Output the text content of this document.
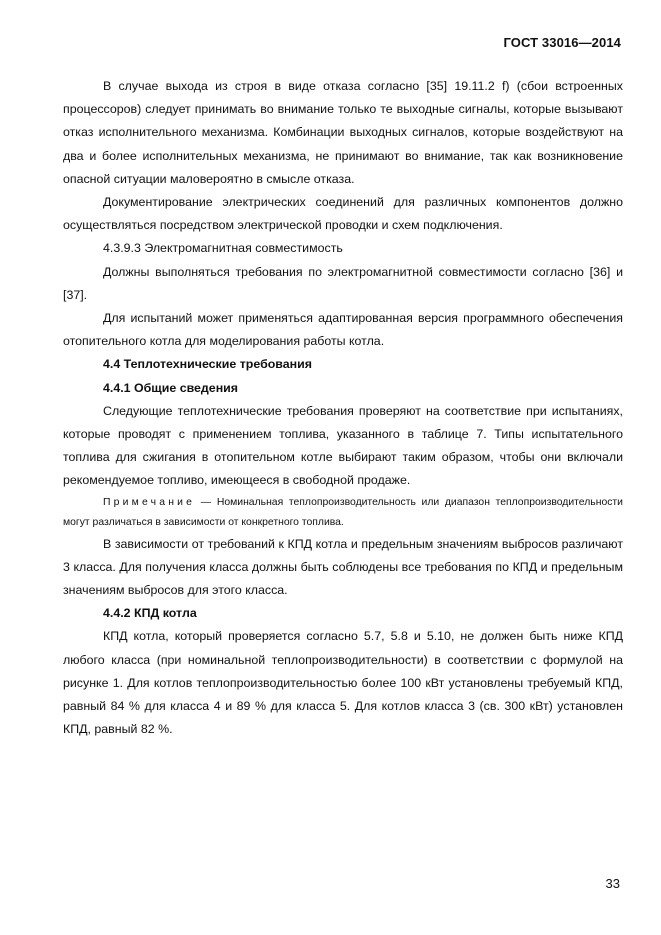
ГОСТ 33016—2014

В случае выхода из строя в виде отказа согласно [35] 19.11.2 f) (сбои встроенных процессоров) следует принимать во внимание только те выходные сигналы, которые вызывают отказ исполнительного механизма. Комбинации выходных сигналов, которые воздействуют на два и более исполнительных механизма, не принимают во внимание, так как возникновение опасной ситуации маловероятно в смысле отказа.

Документирование электрических соединений для различных компонентов должно осуществляться посредством электрической проводки и схем подключения.

4.3.9.3 Электромагнитная совместимость

Должны выполняться требования по электромагнитной совместимости согласно [36] и [37].

Для испытаний может применяться адаптированная версия программного обеспечения отопительного котла для моделирования работы котла.

4.4 Теплотехнические требования

4.4.1 Общие сведения

Следующие теплотехнические требования проверяют на соответствие при испытаниях, которые проводят с применением топлива, указанного в таблице 7. Типы испытательного топлива для сжигания в отопительном котле выбирают таким образом, чтобы они включали рекомендуемое топливо, имеющееся в свободной продаже.

Примечание — Номинальная теплопроизводительность или диапазон теплопроизводительности могут различаться в зависимости от конкретного топлива.

В зависимости от требований к КПД котла и предельным значениям выбросов различают 3 класса. Для получения класса должны быть соблюдены все требования по КПД и предельным значениям выбросов для этого класса.

4.4.2 КПД котла

КПД котла, который проверяется согласно 5.7, 5.8 и 5.10, не должен быть ниже КПД любого класса (при номинальной теплопроизводительности) в соответствии с формулой на рисунке 1. Для котлов теплопроизводительностью более 100 кВт установлены требуемый КПД, равный 84 % для класса 4 и 89 % для класса 5. Для котлов класса 3 (св. 300 кВт) установлен КПД, равный 82 %.

33
